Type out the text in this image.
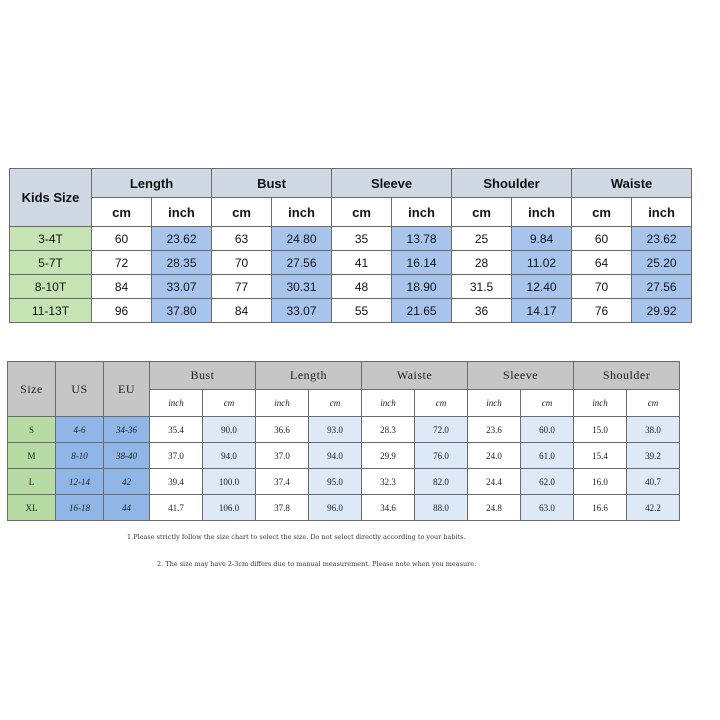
Kids Size	Length		Bust		Sleeve		Shoulder		Waiste	
	cm	inch	cm	inch	cm	inch	cm	inch	cm	inch
3-4T	60	23.62	63	24.80	35	13.78	25	9.84	60	23.62
5-7T	72	28.35	70	27.56	41	16.14	28	11.02	64	25.20
8-10T	84	33.07	77	30.31	48	18.90	31.5	12.40	70	27.56
11-13T	96	37.80	84	33.07	55	21.65	36	14.17	76	29.92
Size	US	EU	Bust		Length		Waiste		Sleeve		Shoulder	
			inch	cm	inch	cm	inch	cm	inch	cm	inch	cm
S	4-6	34-36	35.4	90.0	36.6	93.0	28.3	72.0	23.6	60.0	15.0	38.0
M	8-10	38-40	37.0	94.0	37.0	94.0	29.9	76.0	24.0	61.0	15.4	39.2
L	12-14	42	39.4	100.0	37.4	95.0	32.3	82.0	24.4	62.0	16.0	40.7
XL	16-18	44	41.7	106.0	37.8	96.0	34.6	88.0	24.8	63.0	16.6	42.2
1.Please strictly follow the size chart to select the size. Do not select directly according to your habits.
2. The size may have 2-3cm differs due to manual measurement. Please note when you measure.
